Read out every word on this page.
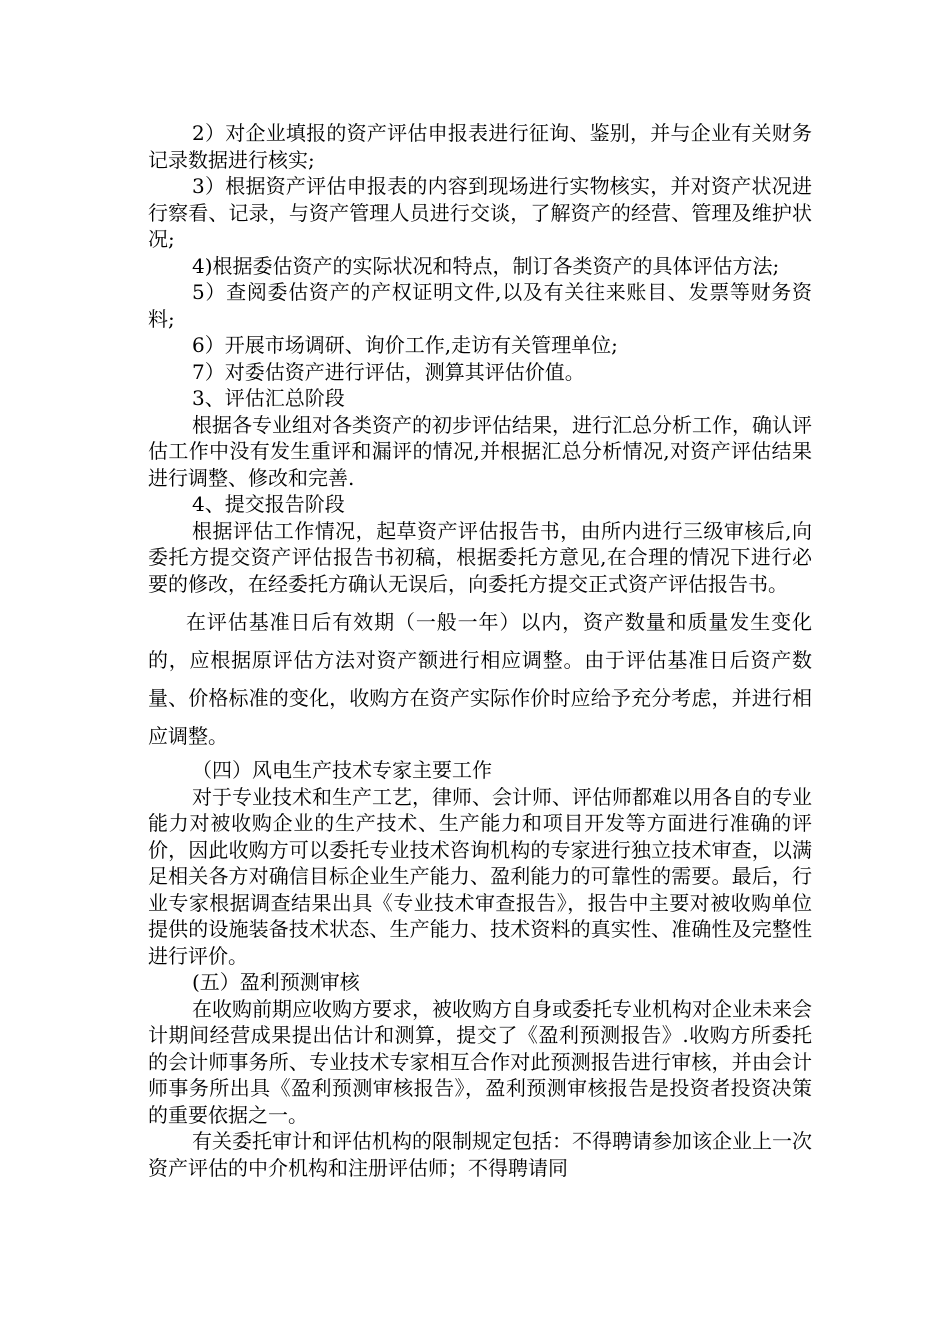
2）对企业填报的资产评估申报表进行征询、鉴别，并与企业有关财务记录数据进行核实;

3）根据资产评估申报表的内容到现场进行实物核实，并对资产状况进行察看、记录，与资产管理人员进行交谈，了解资产的经营、管理及维护状况;

4)根据委估资产的实际状况和特点，制订各类资产的具体评估方法;

5）查阅委估资产的产权证明文件,以及有关往来账目、发票等财务资料;

6）开展市场调研、询价工作,走访有关管理单位;

7）对委估资产进行评估，测算其评估价值。

3、评估汇总阶段

根据各专业组对各类资产的初步评估结果，进行汇总分析工作，确认评估工作中没有发生重评和漏评的情况,并根据汇总分析情况,对资产评估结果进行调整、修改和完善.

4、提交报告阶段

根据评估工作情况，起草资产评估报告书，由所内进行三级审核后,向委托方提交资产评估报告书初稿，根据委托方意见,在合理的情况下进行必要的修改，在经委托方确认无误后，向委托方提交正式资产评估报告书。

在评估基准日后有效期（一般一年）以内，资产数量和质量发生变化的，应根据原评估方法对资产额进行相应调整。由于评估基准日后资产数量、价格标准的变化，收购方在资产实际作价时应给予充分考虑，并进行相应调整。

（四）风电生产技术专家主要工作

对于专业技术和生产工艺，律师、会计师、评估师都难以用各自的专业能力对被收购企业的生产技术、生产能力和项目开发等方面进行准确的评价，因此收购方可以委托专业技术咨询机构的专家进行独立技术审查，以满足相关各方对确信目标企业生产能力、盈利能力的可靠性的需要。最后，行业专家根据调查结果出具《专业技术审查报告》，报告中主要对被收购单位提供的设施装备技术状态、生产能力、技术资料的真实性、准确性及完整性进行评价。

(五）盈利预测审核

在收购前期应收购方要求，被收购方自身或委托专业机构对企业未来会计期间经营成果提出估计和测算，提交了《盈利预测报告》.收购方所委托的会计师事务所、专业技术专家相互合作对此预测报告进行审核，并由会计师事务所出具《盈利预测审核报告》，盈利预测审核报告是投资者投资决策的重要依据之一。

有关委托审计和评估机构的限制规定包括：不得聘请参加该企业上一次资产评估的中介机构和注册评估师；不得聘请同
